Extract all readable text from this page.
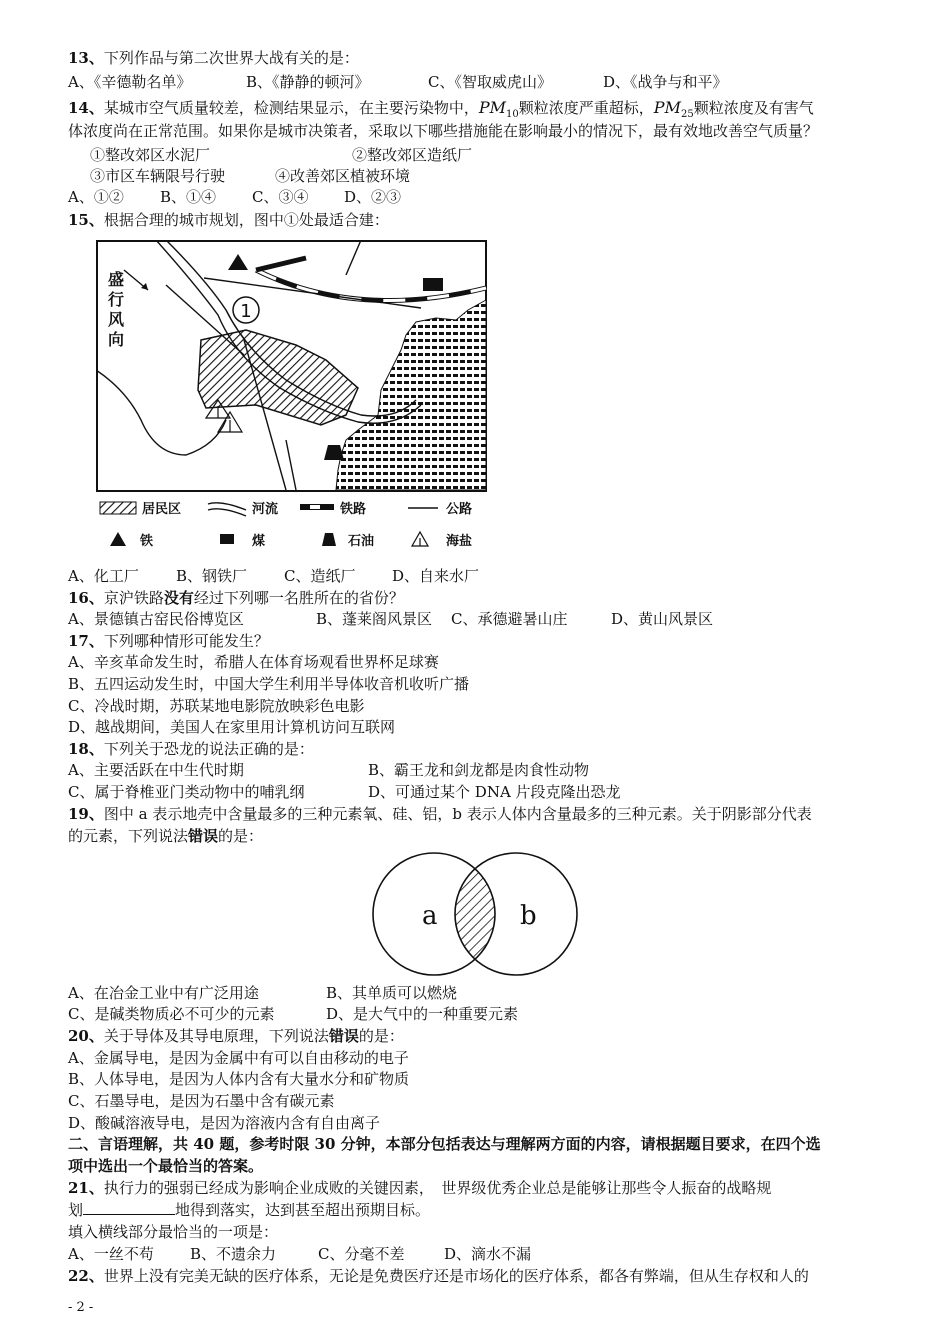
13、下列作品与第二次世界大战有关的是：
A、《辛德勒名单》	B、《静静的顿河》	C、《智取威虎山》	D、《战争与和平》
14、某城市空气质量较差，检测结果显示，在主要污染物中，$PM_{10}$颗粒浓度严重超标，$PM_{25}$颗粒浓度及有害气
体浓度尚在正常范围。如果你是城市决策者，采取以下哪些措施能在影响最小的情况下，最有效地改善空气质量？
①整改郊区水泥厂	②整改郊区造纸厂
③市区车辆限号行驶	④改善郊区植被环境
A、①② B、①④ C、③④ D、②③
15、根据合理的城市规划，图中①处最适合建：
盛
行
风
向
1
居民区	河流	铁路	公路
铁	煤	石油	海盐
A、化工厂 B、钢铁厂 C、造纸厂 D、自来水厂
16、京沪铁路没有经过下列哪一名胜所在的省份？
A、景德镇古窑民俗博览区	B、蓬莱阁风景区 C、承德避暑山庄	D、黄山风景区
17、下列哪种情形可能发生？
A、辛亥革命发生时，希腊人在体育场观看世界杯足球赛
B、五四运动发生时，中国大学生利用半导体收音机收听广播
C、冷战时期，苏联某地电影院放映彩色电影
D、越战期间，美国人在家里用计算机访问互联网
18、下列关于恐龙的说法正确的是：
A、主要活跃在中生代时期	B、霸王龙和剑龙都是肉食性动物
C、属于脊椎亚门类动物中的哺乳纲	D、可通过某个 DNA 片段克隆出恐龙
19、图中 a 表示地壳中含量最多的三种元素氧、硅、铝，b 表示人体内含量最多的三种元素。关于阴影部分代表
的元素，下列说法错误的是：
a	b
A、在冶金工业中有广泛用途	B、其单质可以燃烧
C、是碱类物质必不可少的元素	D、是大气中的一种重要元素
20、关于导体及其导电原理，下列说法错误的是：
A、金属导电，是因为金属中有可以自由移动的电子
B、人体导电，是因为人体内含有大量水分和矿物质
C、石墨导电，是因为石墨中含有碳元素
D、酸碱溶液导电，是因为溶液内含有自由离子
二、言语理解，共 40 题，参考时限 30 分钟，本部分包括表达与理解两方面的内容，请根据题目要求，在四个选
项中选出一个最恰当的答案。
21、执行力的强弱已经成为影响企业成败的关键因素，　世界级优秀企业总是能够让那些令人振奋的战略规
划	地得到落实，达到甚至超出预期目标。
填入横线部分最恰当的一项是：
A、一丝不苟 B、不遗余力	C、分毫不差	D、滴水不漏
22、世界上没有完美无缺的医疗体系，无论是免费医疗还是市场化的医疗体系，都各有弊端，但从生存权和人的
- 2 -
